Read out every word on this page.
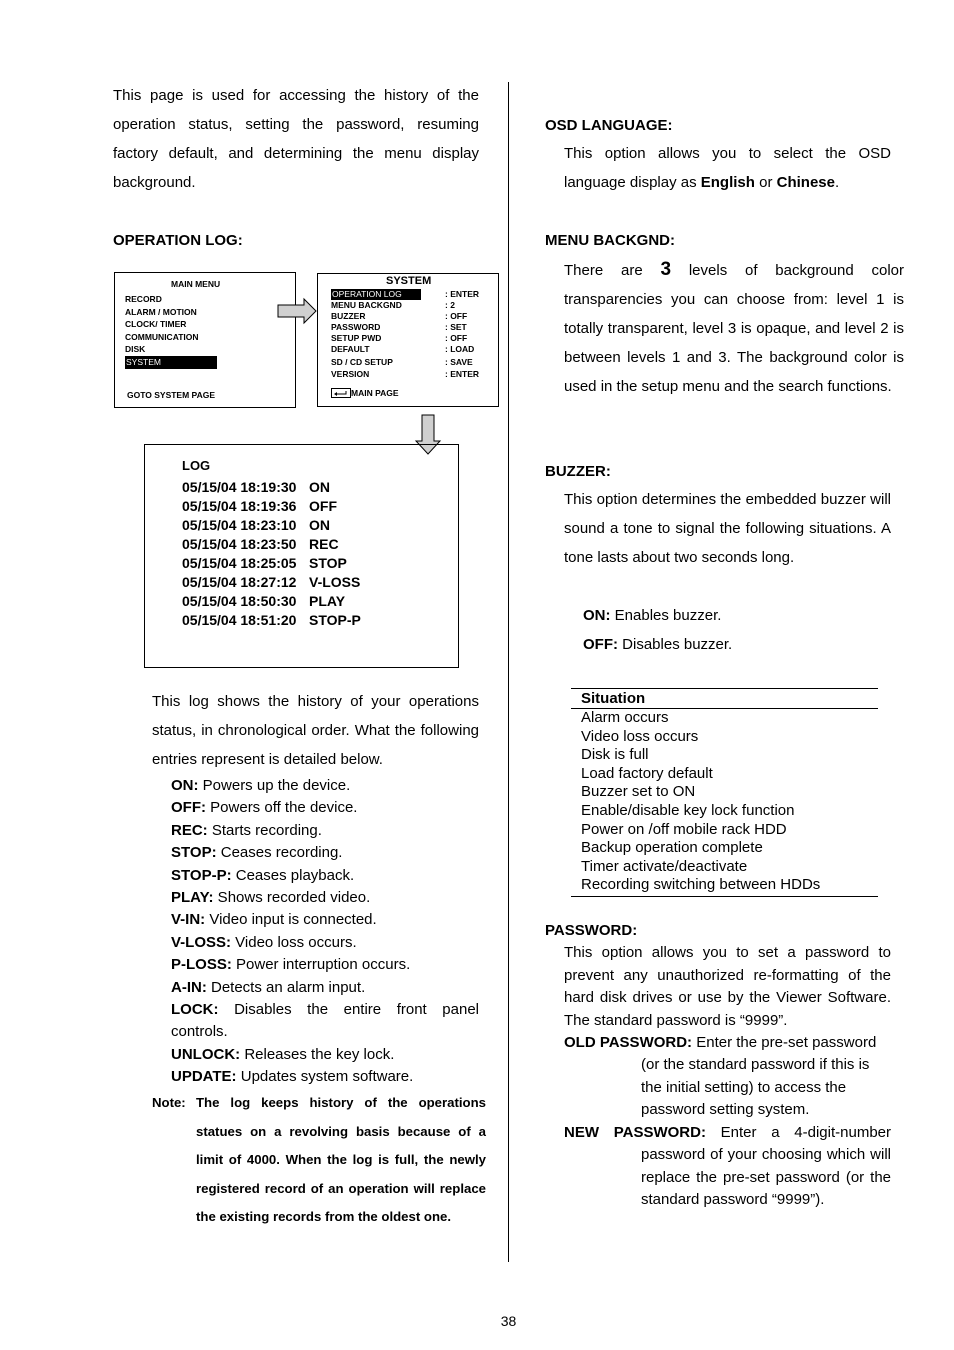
This page is used for accessing the history of the operation status, setting the password, resuming factory default, and determining the menu display background.
OPERATION LOG:
MAIN MENU
RECORD
ALARM / MOTION
CLOCK/ TIMER
COMMUNICATION
DISK
SYSTEM
GOTO SYSTEM PAGE
SYSTEM
OPERATION LOG
MENU BACKGND
BUZZER
PASSWORD
SETUP PWD
DEFAULT
SD / CD SETUP
VERSION
: ENTER
: 2
: OFF
: SET
: OFF
: LOAD
: SAVE
: ENTER
MAIN PAGE
LOG
05/15/04 18:19:30 ON
05/15/04 18:19:36 OFF
05/15/04 18:23:10 ON
05/15/04 18:23:50 REC
05/15/04 18:25:05 STOP
05/15/04 18:27:12 V-LOSS
05/15/04 18:50:30 PLAY
05/15/04 18:51:20 STOP-P
This log shows the history of your operations status, in chronological order. What the following entries represent is detailed below.
ON: Powers up the device.
OFF: Powers off the device.
REC: Starts recording.
STOP: Ceases recording.
STOP-P: Ceases playback.
PLAY: Shows recorded video.
V-IN: Video input is connected.
V-LOSS: Video loss occurs.
P-LOSS: Power interruption occurs.
A-IN: Detects an alarm input.
LOCK: Disables the entire front panel controls.
UNLOCK: Releases the key lock.
UPDATE: Updates system software.
Note: The log keeps history of the operations statues on a revolving basis because of a limit of 4000. When the log is full, the newly registered record of an operation will replace the existing records from the oldest one.
OSD LANGUAGE:
This option allows you to select the OSD language display as English or Chinese.
MENU BACKGND:
There are 3 levels of background color transparencies you can choose from: level 1 is totally transparent, level 3 is opaque, and level 2 is between levels 1 and 3. The background color is used in the setup menu and the search functions.
BUZZER:
This option determines the embedded buzzer will sound a tone to signal the following situations. A tone lasts about two seconds long.
ON: Enables buzzer.
OFF: Disables buzzer.
Situation
Alarm occurs
Video loss occurs
Disk is full
Load factory default
Buzzer set to ON
Enable/disable key lock function
Power on /off mobile rack HDD
Backup operation complete
Timer activate/deactivate
Recording switching between HDDs
PASSWORD:
This option allows you to set a password to prevent any unauthorized re-formatting of the hard disk drives or use by the Viewer Software. The standard password is “9999”.
OLD PASSWORD: Enter the pre-set password
(or the standard password if this is the initial setting) to access the password setting system.
NEW PASSWORD: Enter a 4-digit-number
password of your choosing which will replace the pre-set password (or the standard password “9999”).
38
